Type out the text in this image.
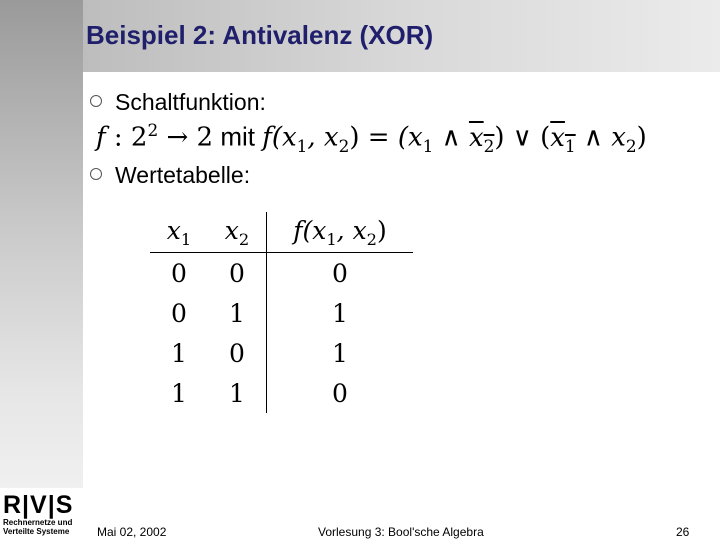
Beispiel 2: Antivalenz (XOR)
Schaltfunktion:
f : $2^2 \to 2$ mit $f(x_1$, $x_2) = (x_1$ ∧ $x_2$) ∨ ($x_1$ ∧ $x_2$)
Wertetabelle:
$x_1$	$x_2$	$f(x_1$, $x_2$)
0	0	0
0	1	1
1	0	1
1	1	0
R|V|S
Rechnernetze und
Verteilte Systeme	Mai 02, 2002	Vorlesung 3: Bool'sche Algebra	26
